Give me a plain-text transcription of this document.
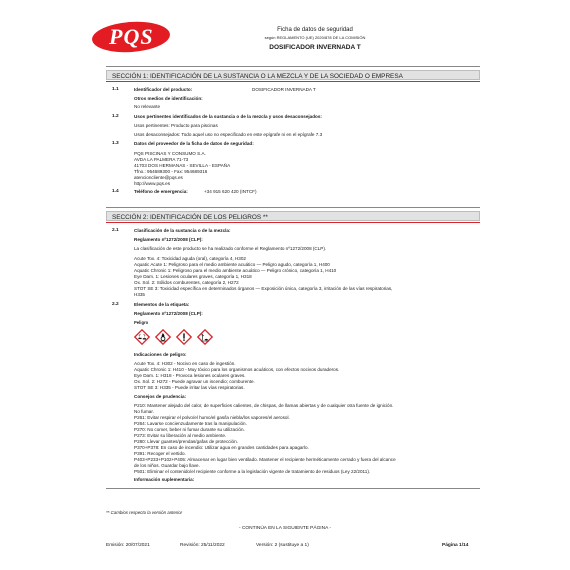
PQS	Ficha de datos de seguridad
según REGLAMENTO (UE) 2020/878 DE LA COMISIÓN
DOSIFICADOR INVERNADA T
SECCIÓN 1: IDENTIFICACIÓN DE LA SUSTANCIA O LA MEZCLA Y DE LA SOCIEDAD O EMPRESA
1.1	Identificador del producto:	DOSIFICADOR INVERNADA T
Otros medios de identificación:
No relevante
1.2	Usos pertinentes identificados de la sustancia o de la mezcla y usos desaconsejados:
Usos pertinentes: Producto para piscinas
Usos desaconsejados: Todo aquel uso no especificado en este epígrafe ni en el epígrafe 7.3
1.3	Datos del proveedor de la ficha de datos de seguridad:
PQS PISCINAS Y CONSUMO S.A.
AVDA LA PALMERA 71-73
41703 DOS HERMANAS - SEVILLA - ESPAÑA
Tfno.: 954689300 - Fax: 954689316
atencioncliente@pqs.es
http://www.pqs.es
1.4	Teléfono de emergencia:	+34 915 620 420 (INTCF)
SECCIÓN 2: IDENTIFICACIÓN DE LOS PELIGROS **
2.1	Clasificación de la sustancia o de la mezcla:
Reglamento nº1272/2008 (CLP):
La clasificación de este producto se ha realizado conforme el Reglamento nº1272/2008 (CLP).
Acute Tox. 4: Toxicidad aguda (oral), categoría 4, H302
Aquatic Acute 1: Peligroso para el medio ambiente acuático — Peligro agudo, categoría 1, H400
Aquatic Chronic 1: Peligroso para el medio ambiente acuático — Peligro crónico, categoría 1, H410
Eye Dam. 1: Lesiones oculares graves, categoría 1, H318
Ox. Sol. 2: Sólidos comburentes, categoría 2, H272
STOT SE 3: Toxicidad específica en determinados órganos — Exposición única, categoría 3, irritación de las vías respiratorias,
H335
2.2	Elementos de la etiqueta:
Reglamento nº1272/2008 (CLP):
Peligro
Indicaciones de peligro:
Acute Tox. 4: H302 - Nocivo en caso de ingestión.
Aquatic Chronic 1: H410 - Muy tóxico para los organismos acuáticos, con efectos nocivos duraderos.
Eye Dam. 1: H318 - Provoca lesiones oculares graves.
Ox. Sol. 2: H272 - Puede agravar un incendio; comburente.
STOT SE 3: H335 - Puede irritar las vías respiratorias.
Consejos de prudencia:
P210: Mantener alejado del calor, de superficies calientes, de chispas, de llamas abiertas y de cualquier otra fuente de ignición.
No fumar.
P261: Evitar respirar el polvo/el humo/el gas/la niebla/los vapores/el aerosol.
P264: Lavarse concienzudamente tras la manipulación.
P270: No comer, beber ni fumar durante su utilización.
P273: Evitar su liberación al medio ambiente.
P280: Llevar guantes/prendas/gafas de protección.
P370+P378: En caso de incendio: Utilizar agua en grandes cantidades para apagarlo.
P391: Recoger el vertido.
P403+P233+P102+P405: Almacenar en lugar bien ventilado. Mantener el recipiente herméticamente cerrado y fuera del alcance
de los niños. Guardar bajo llave.
P501: Eliminar el contenido/el recipiente conforme a la legislación vigente de tratamiento de residuos (Ley 22/2011).
Información suplementaria:
** Cambios respecto la versión anterior
- CONTINÚA EN LA SIGUIENTE PÁGINA -
Emisión: 20/07/2021	Revisión: 25/11/2022	Versión: 2 (sustituye a 1)	Página 1/14
